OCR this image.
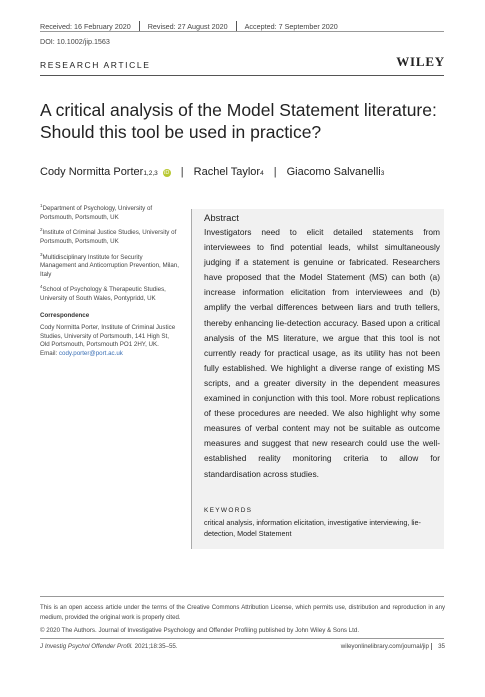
Received: 16 February 2020 Revised: 27 August 2020 Accepted: 7 September 2020
DOI: 10.1002/jip.1563
RESEARCH ARTICLE	WILEY
A critical analysis of the Model Statement literature: Should this tool be used in practice?
Cody Normitta Porter 1,2,3 iD | Rachel Taylor 4 | Giacomo Salvanelli 3

$^1$Department of Psychology, University of Portsmouth, Portsmouth, UK

$^2$Institute of Criminal Justice Studies, University of Portsmouth, Portsmouth, UK

$^3$Multidisciplinary Institute for Security Management and Anticorruption Prevention, Milan, Italy

$^4$School of Psychology & Therapeutic Studies, University of South Wales, Pontypridd, UK

Correspondence

Cody Normitta Porter, Institute of Criminal Justice Studies, University of Portsmouth, 141 High St, Old Portsmouth, Portsmouth PO1 2HY, UK.

Email: cody.porter@port.ac.uk

Abstract

Investigators need to elicit detailed statements from interviewees to find potential leads, whilst simultaneously judging if a statement is genuine or fabricated. Researchers have proposed that the Model Statement (MS) can both (a) increase information elicitation from interviewees and (b) amplify the verbal differences between liars and truth tellers, thereby enhancing lie-detection accuracy. Based upon a critical analysis of the MS literature, we argue that this tool is not currently ready for practical usage, as its utility has not been fully established. We highlight a diverse range of existing MS scripts, and a greater diversity in the dependent measures examined in conjunction with this tool. More robust replications of these procedures are needed. We also highlight why some measures of verbal content may not be suitable as outcome measures and suggest that new research could use the well-established reality monitoring criteria to allow for standardisation across studies.

KEYWORDS
critical analysis, information elicitation, investigative interviewing, lie-detection, Model Statement

This is an open access article under the terms of the Creative Commons Attribution License, which permits use, distribution and reproduction in any medium, provided the original work is properly cited.

© 2020 The Authors. Journal of Investigative Psychology and Offender Profiling published by John Wiley & Sons Ltd.

J Investig Psychol Offender Profil. 2021;18:35–55.	wileyonlinelibrary.com/journal/jip	35
